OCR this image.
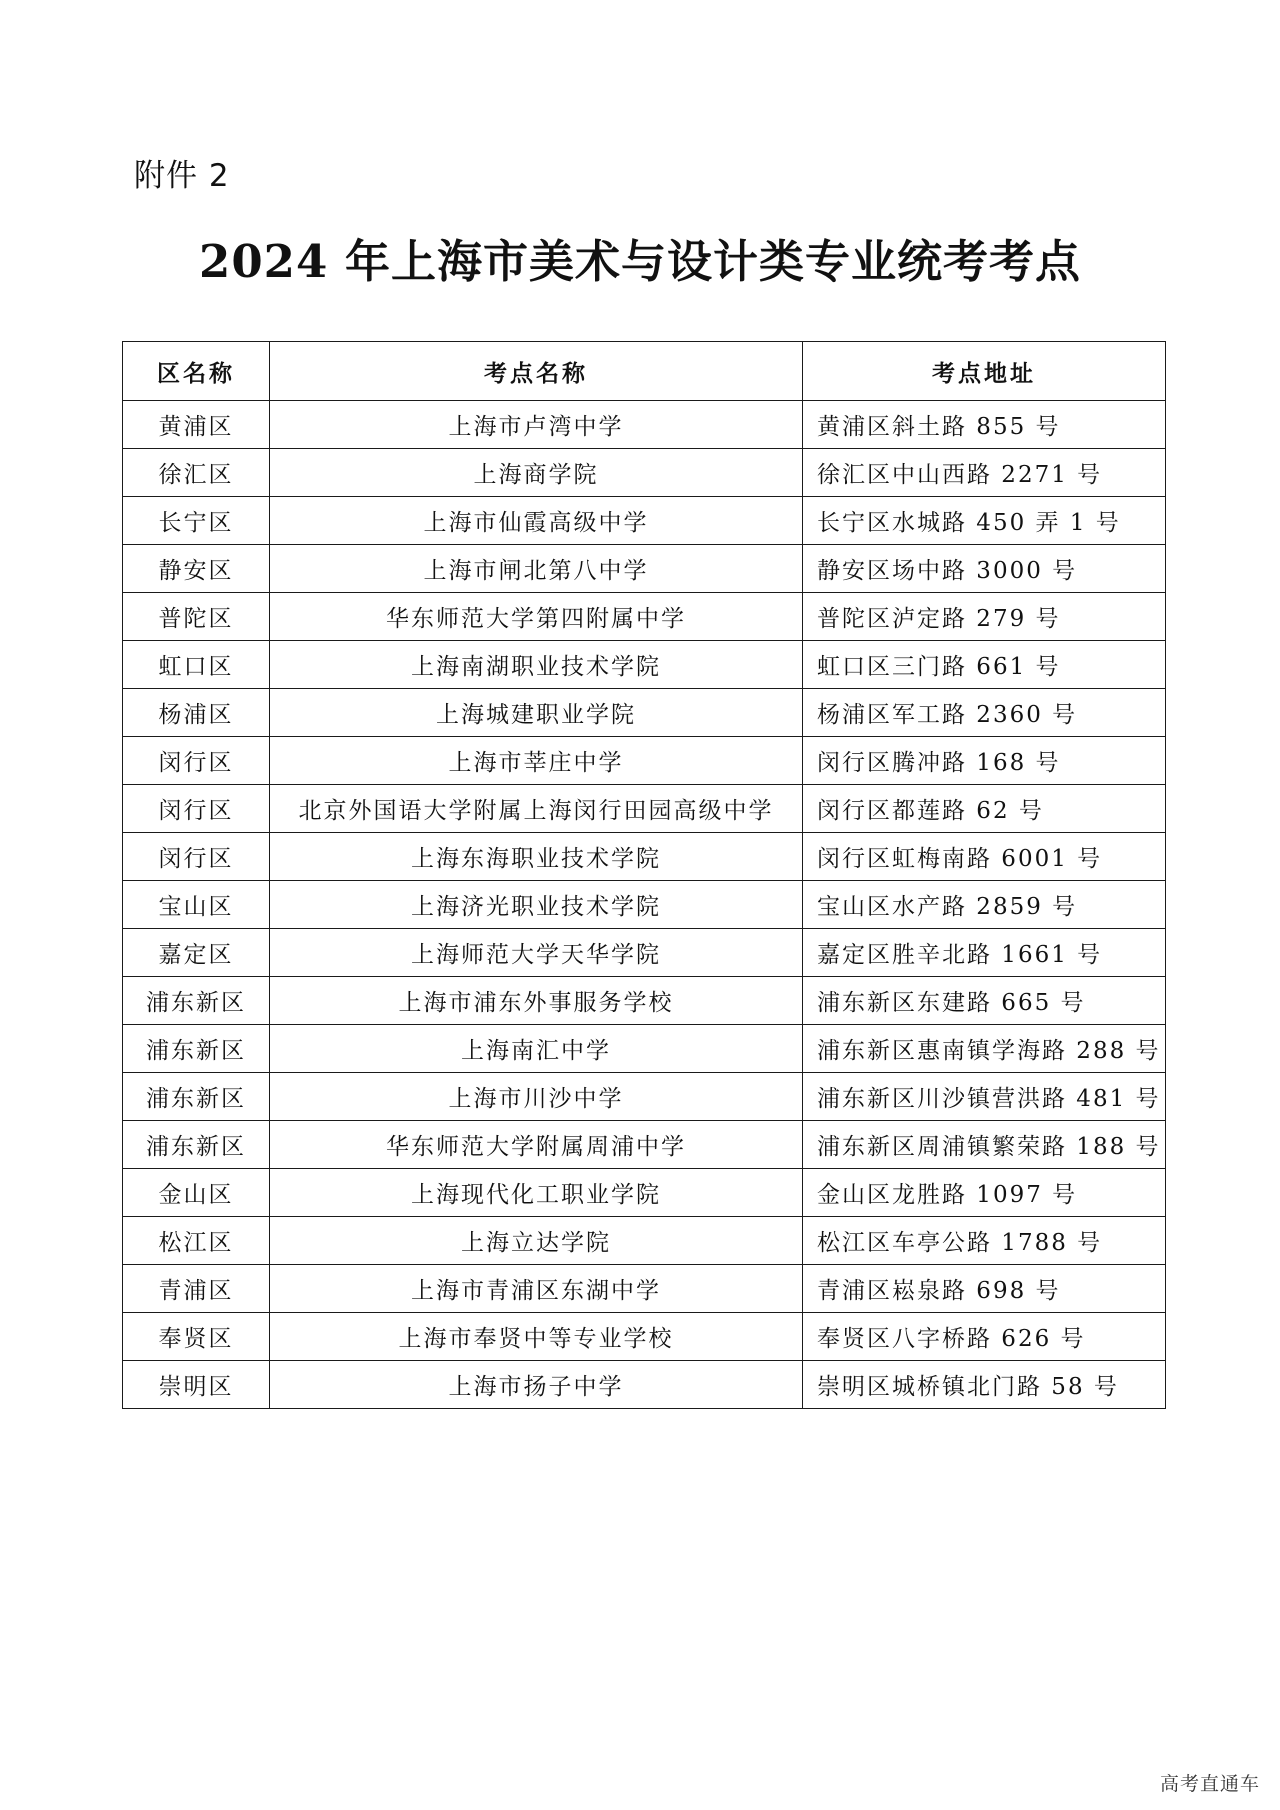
附件 2
2024 年上海市美术与设计类专业统考考点
区名称	考点名称	考点地址
黄浦区	上海市卢湾中学	黄浦区斜土路 855 号
徐汇区	上海商学院	徐汇区中山西路 2271 号
长宁区	上海市仙霞高级中学	长宁区水城路 450 弄 1 号
静安区	上海市闸北第八中学	静安区场中路 3000 号
普陀区	华东师范大学第四附属中学	普陀区泸定路 279 号
虹口区	上海南湖职业技术学院	虹口区三门路 661 号
杨浦区	上海城建职业学院	杨浦区军工路 2360 号
闵行区	上海市莘庄中学	闵行区腾冲路 168 号
闵行区	北京外国语大学附属上海闵行田园高级中学	闵行区都莲路 62 号
闵行区	上海东海职业技术学院	闵行区虹梅南路 6001 号
宝山区	上海济光职业技术学院	宝山区水产路 2859 号
嘉定区	上海师范大学天华学院	嘉定区胜辛北路 1661 号
浦东新区	上海市浦东外事服务学校	浦东新区东建路 665 号
浦东新区	上海南汇中学	浦东新区惠南镇学海路 288 号
浦东新区	上海市川沙中学	浦东新区川沙镇营洪路 481 号
浦东新区	华东师范大学附属周浦中学	浦东新区周浦镇繁荣路 188 号
金山区	上海现代化工职业学院	金山区龙胜路 1097 号
松江区	上海立达学院	松江区车亭公路 1788 号
青浦区	上海市青浦区东湖中学	青浦区崧泉路 698 号
奉贤区	上海市奉贤中等专业学校	奉贤区八字桥路 626 号
崇明区	上海市扬子中学	崇明区城桥镇北门路 58 号
高考直通车
